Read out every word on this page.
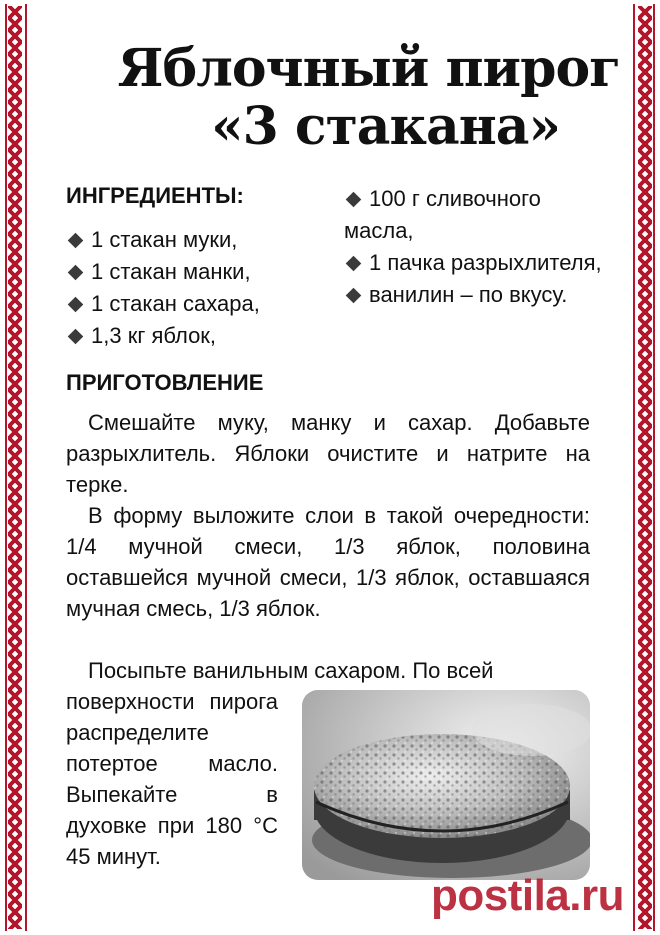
Яблочный пирог
«3 стакана»
ИНГРЕДИЕНТЫ:
1 стакан муки,
1 стакан манки,
1 стакан сахара,
1,3 кг яблок,
100 г сливочного масла,
1 пачка разрыхлителя,
ванилин – по вкусу.
ПРИГОТОВЛЕНИЕ

Смешайте муку, манку и сахар. Добавьте разрыхлитель. Яблоки очистите и натрите на терке.

В форму выложите слои в такой очередности: 1/4 мучной смеси, 1/3 яблок, половина оставшейся мучной смеси, 1/3 яблок, оставшаяся мучная смесь, 1/3 яблок.

Посыпьте ванильным сахаром. По всей

поверхности пирога распределите потертое масло. Выпекайте в духовке при 180 °С 45 минут.

postila.ru
